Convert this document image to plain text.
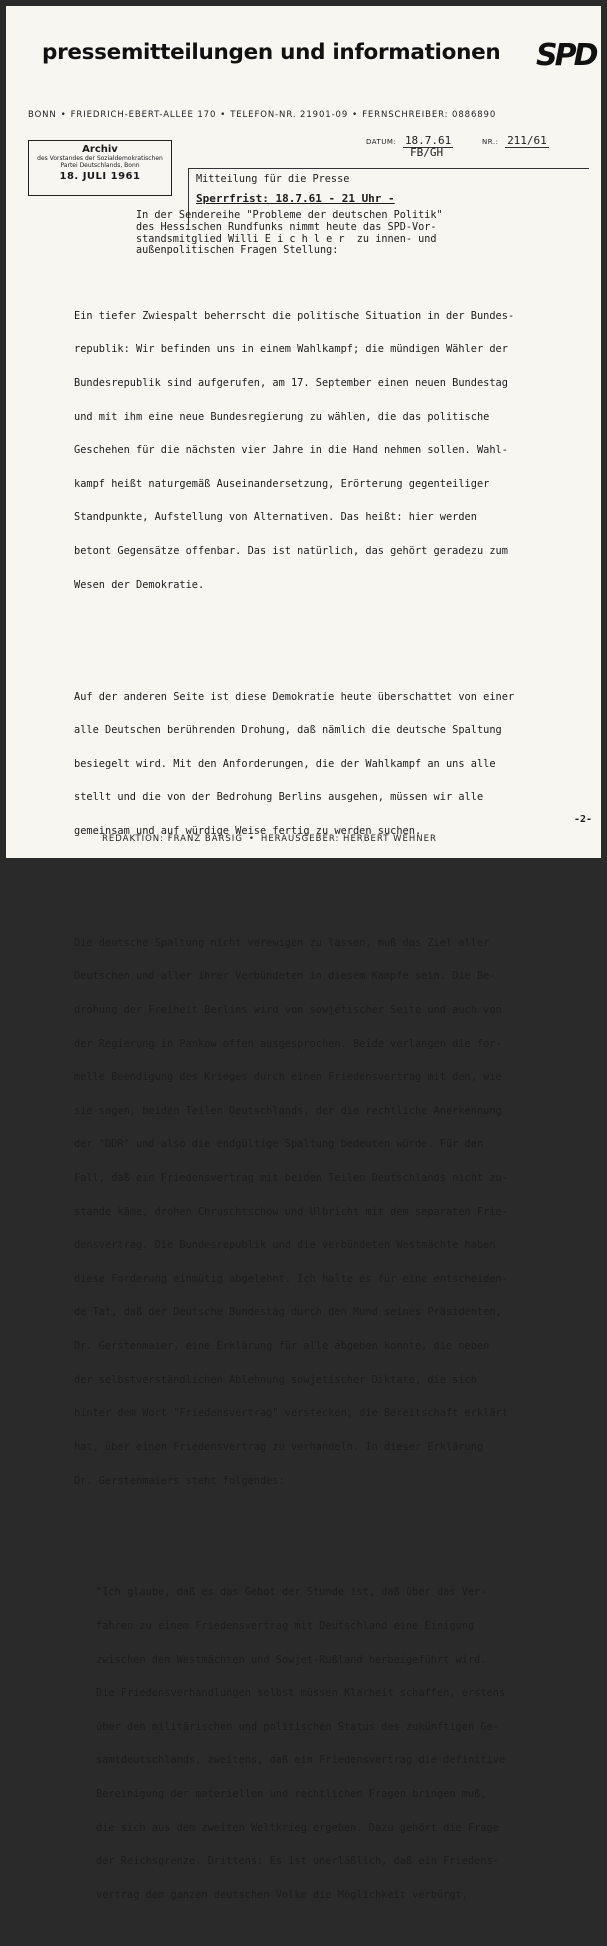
pressemitteilungen und informationen SPD
BONN • FRIEDRICH-EBERT-ALLEE 170 • TELEFON-NR. 21901-09 • FERNSCHREIBER: 0886890
Archiv
des Vorstandes der Sozialdemokratischen
Partei Deutschlands, Bonn
18. JULI 1961
DATUM: 18.7.61
FB/GH
NR.: 211/61
Mitteilung für die Presse
Sperrfrist: 18.7.61 - 21 Uhr -
In der Sendereihe "Probleme der deutschen Politik"
des Hessischen Rundfunks nimmt heute das SPD-Vor-
standsmitglied Willi E i c h l e r  zu innen- und
außenpolitischen Fragen Stellung:

Ein tiefer Zwiespalt beherrscht die politische Situation in der Bundes-

republik: Wir befinden uns in einem Wahlkampf; die mündigen Wähler der

Bundesrepublik sind aufgerufen, am 17. September einen neuen Bundestag

und mit ihm eine neue Bundesregierung zu wählen, die das politische

Geschehen für die nächsten vier Jahre in die Hand nehmen sollen. Wahl-

kampf heißt naturgemäß Auseinandersetzung, Erörterung gegenteiliger

Standpunkte, Aufstellung von Alternativen. Das heißt: hier werden

betont Gegensätze offenbar. Das ist natürlich, das gehört geradezu zum

Wesen der Demokratie.

Auf der anderen Seite ist diese Demokratie heute überschattet von einer

alle Deutschen berührenden Drohung, daß nämlich die deutsche Spaltung

besiegelt wird. Mit den Anforderungen, die der Wahlkampf an uns alle

stellt und die von der Bedrohung Berlins ausgehen, müssen wir alle

gemeinsam und auf würdige Weise fertig zu werden suchen.

Die deutsche Spaltung nicht verewigen zu lassen, muß das Ziel aller

Deutschen und aller ihrer Verbündeten in diesem Kampfe sein. Die Be-

drohung der Freiheit Berlins wird von sowjetischer Seite und auch von

der Regierung in Pankow offen ausgesprochen. Beide verlangen die for-

melle Beendigung des Krieges durch einen Friedensvertrag mit den, wie

sie sagen, beiden Teilen Deutschlands, der die rechtliche Anerkennung

der "DDR" und also die endgültige Spaltung bedeuten würde. Für den

Fall, daß ein Friedensvertrag mit beiden Teilen Deutschlands nicht zu-

stande käme, drohen Chruschtschow und Ulbricht mit dem separaten Frie-

densvertrag. Die Bundesrepublik und die verbündeten Westmächte haben

diese Forderung einmütig abgelehnt. Ich halte es für eine entscheiden-

de Tat, daß der Deutsche Bundestag durch den Mund seines Präsidenten,

Dr. Gerstenmaier, eine Erklärung für alle abgeben konnte, die neben

der selbstverständlichen Ablehnung sowjetischer Diktate, die sich

hinter dem Wort "Friedensvertrag" verstecken, die Bereitschaft erklärt

hat, über einen Friedensvertrag zu verhandeln. In dieser Erklärung

Dr. Gerstenmaiers steht folgendes:

"Ich glaube, daß es das Gebot der Stunde ist, daß über das Ver-

fahren zu einem Friedensvertrag mit Deutschland eine Einigung

zwischen den Westmächten und Sowjet-Rußland herbeigeführt wird.

Die Friedensverhandlungen selbst müssen Klarheit schaffen, erstens

über den militärischen und politischen Status des zukünftigen Ge-

samtdeutschlands, zweitens, daß ein Friedensvertrag die definitive

Bereinigung der materiellen und rechtlichen Fragen bringen muß,

die sich aus dem zweiten Weltkrieg ergeben. Dazu gehört die Frage

der Reichsgrenze. Drittens: Es ist unerläßlich, daß ein Friedens-

vertrag dem ganzen deutschen Volke die Möglichkeit verbürgt,

-2-
REDAKTION: FRANZ BARSIG • HERAUSGEBER: HERBERT WEHNER
